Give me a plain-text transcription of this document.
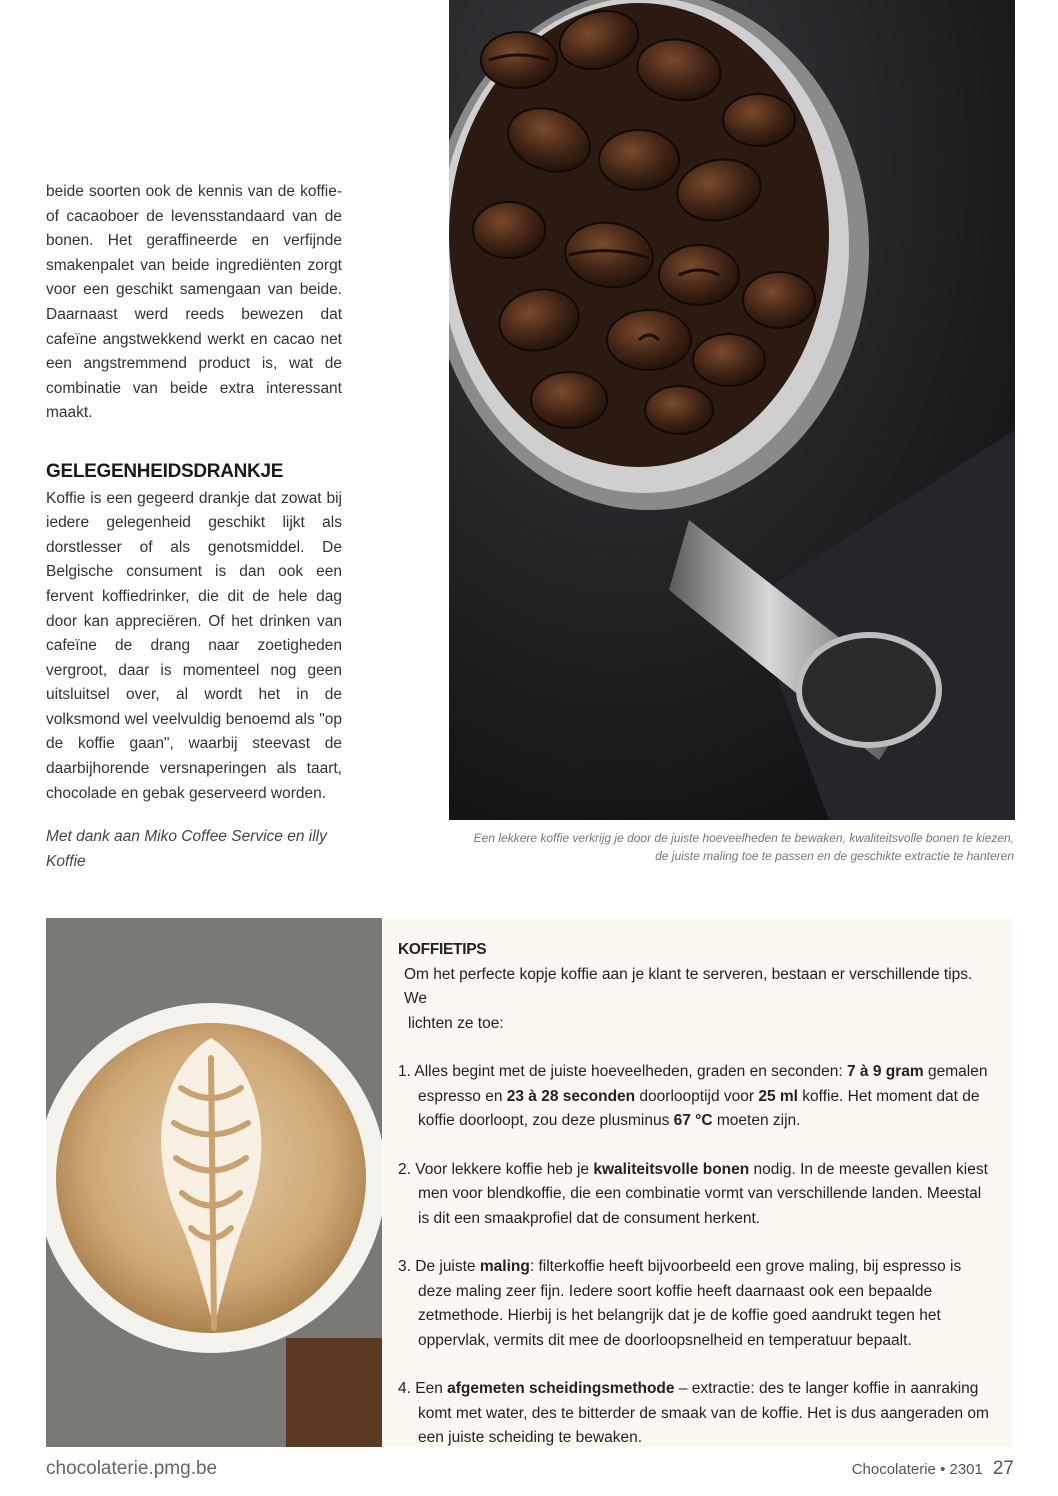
beide soorten ook de kennis van de koffie- of cacaoboer de levensstandaard van de bonen. Het geraffineerde en verfijnde smakenpalet van beide ingrediënten zorgt voor een geschikt samengaan van beide. Daarnaast werd reeds bewezen dat cafeïne angstwekkend werkt en cacao net een angstremmend product is, wat de combinatie van beide extra interessant maakt.

GELEGENHEIDSDRANKJE

Koffie is een gegeerd drankje dat zowat bij iedere gelegenheid geschikt lijkt als dorstlesser of als genotsmiddel. De Belgische consument is dan ook een fervent koffiedrinker, die dit de hele dag door kan appreciëren. Of het drinken van cafeïne de drang naar zoetigheden vergroot, daar is momenteel nog geen uitsluitsel over, al wordt het in de volksmond wel veelvuldig benoemd als "op de koffie gaan", waarbij steevast de daarbijhorende versnaperingen als taart, chocolade en gebak geserveerd worden.

Met dank aan Miko Coffee Service en illy Koffie
Een lekkere koffie verkrijg je door de juiste hoeveelheden te bewaken, kwaliteitsvolle bonen te kiezen,
de juiste maling toe te passen en de geschikte extractie te hanteren
KOFFIETIPS

Om het perfecte kopje koffie aan je klant te serveren, bestaan er verschillende tips. We
lichten ze toe:

1. Alles begint met de juiste hoeveelheden, graden en seconden: 7 à 9 gram gemalen espresso en 23 à 28 seconden doorlooptijd voor 25 ml koffie. Het moment dat de koffie doorloopt, zou deze plusminus 67 °C moeten zijn.

2. Voor lekkere koffie heb je kwaliteitsvolle bonen nodig. In de meeste gevallen kiest men voor blendkoffie, die een combinatie vormt van verschillende landen. Meestal is dit een smaakprofiel dat de consument herkent.

3. De juiste maling: filterkoffie heeft bijvoorbeeld een grove maling, bij espresso is deze maling zeer fijn. Iedere soort koffie heeft daarnaast ook een bepaalde zetmethode. Hierbij is het belangrijk dat je de koffie goed aandrukt tegen het oppervlak, vermits dit mee de doorloopsnelheid en temperatuur bepaalt.

4. Een afgemeten scheidingsmethode – extractie: des te langer koffie in aanraking komt met water, des te bitterder de smaak van de koffie. Het is dus aangeraden om een juiste scheiding te bewaken.

chocolaterie.pmg.be	Chocolaterie • 2301 27
